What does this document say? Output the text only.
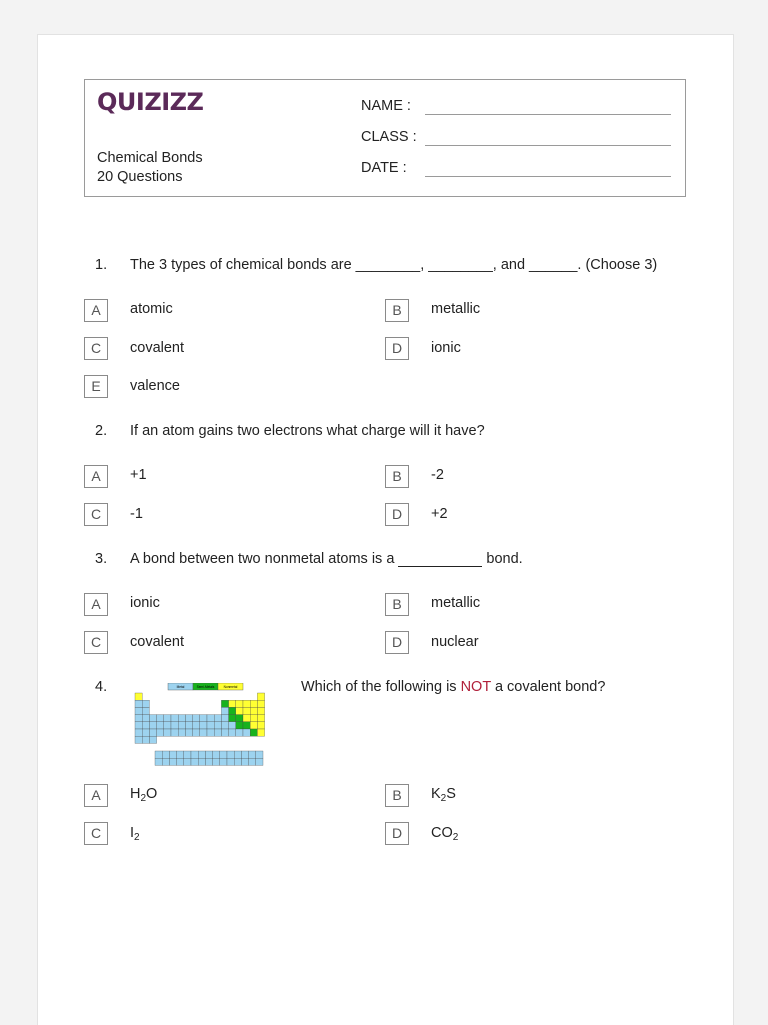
QUIZIZZ
Chemical Bonds
20 Questions
NAME :
CLASS :
DATE :
1. The 3 types of chemical bonds are ________, ________, and ______. (Choose 3)
A	atomic	B	metallic
C	covalent	D	ionic
E	valence
2. If an atom gains two electrons what charge will it have?
A	+1	B	-2
C	-1	D	+2
3. A bond between two nonmetal atoms is a	bond.
A	ionic	B	metallic
C	covalent	D	nuclear
4.	Metal	Semi-Metals	Nonmetal	Which of the following is NOT a covalent bond?
A	$H_2O$	B	$K_2S$
C	$I_2$	D	$CO_2$
